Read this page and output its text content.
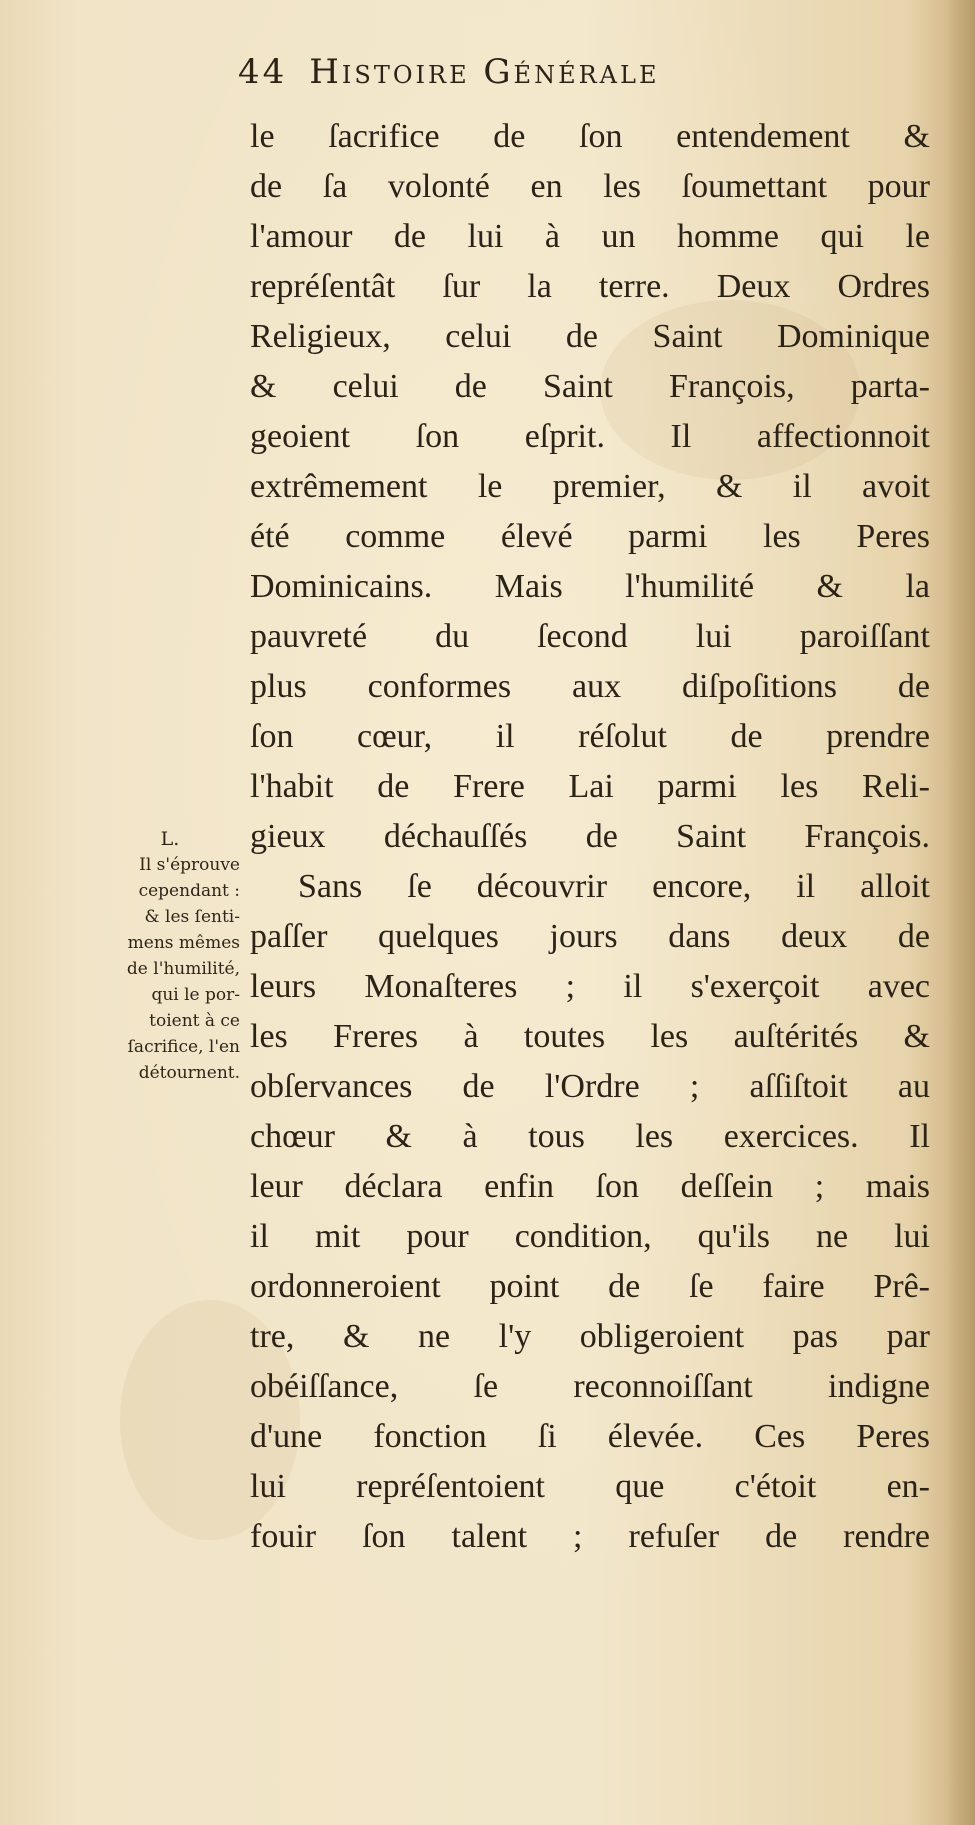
44 Histoire Générale
le ſacrifice de ſon entendement &
de ſa volonté en les ſoumettant pour
l'amour de lui à un homme qui le
repréſentât ſur la terre. Deux Ordres
Religieux, celui de Saint Dominique
& celui de Saint François, parta-
geoient ſon eſprit. Il affectionnoit
extrêmement le premier, & il avoit
été comme élevé parmi les Peres
Dominicains. Mais l'humilité & la
pauvreté du ſecond lui paroiſſant
plus conformes aux diſpoſitions de
ſon cœur, il réſolut de prendre
l'habit de Frere Lai parmi les Reli-
gieux déchauſſés de Saint François.
Sans ſe découvrir encore, il alloit
paſſer quelques jours dans deux de
leurs Monaſteres ; il s'exerçoit avec
les Freres à toutes les auſtérités &
obſervances de l'Ordre ; aſſiſtoit au
chœur & à tous les exercices. Il
leur déclara enfin ſon deſſein ; mais
il mit pour condition, qu'ils ne lui
ordonneroient point de ſe faire Prê-
tre, & ne l'y obligeroient pas par
obéiſſance, ſe reconnoiſſant indigne
d'une fonction ſi élevée. Ces Peres
lui repréſentoient que c'étoit en-
fouir ſon talent ; refuſer de rendre
L.
Il s'éprouve
cependant :
& les ſenti-
mens mêmes
de l'humilité,
qui le por-
toient à ce
ſacrifice, l'en
détournent.
